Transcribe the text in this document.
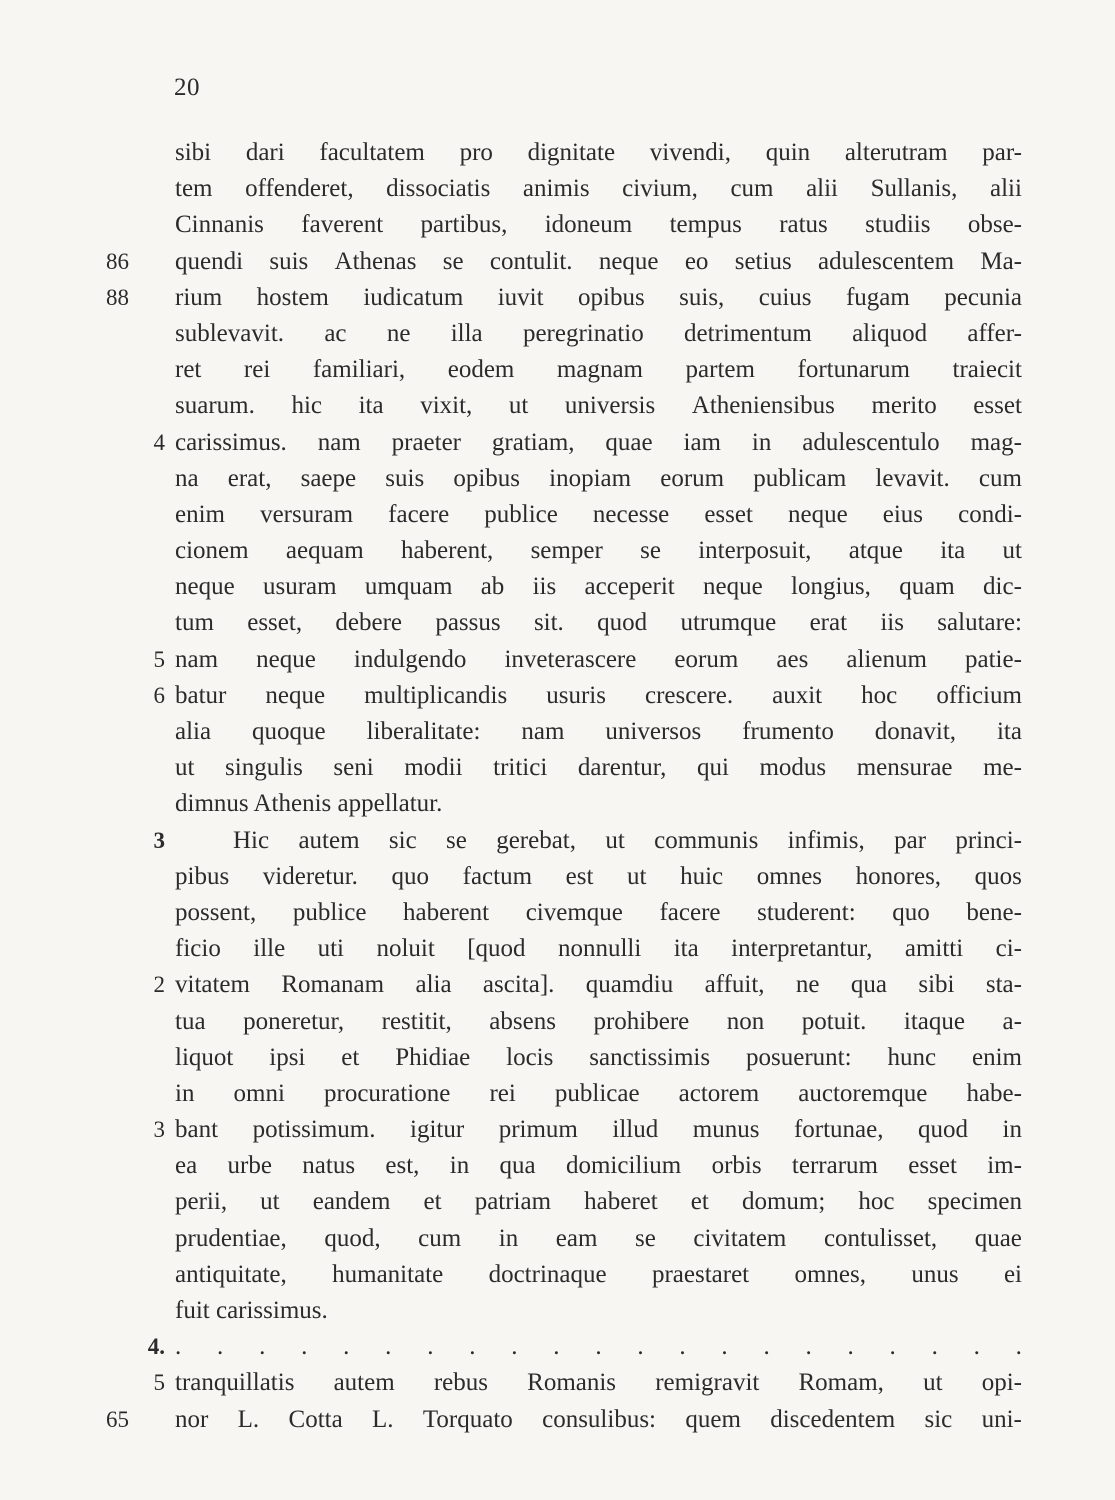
20
sibi dari facultatem pro dignitate vivendi, quin alterutram par-
tem offenderet, dissociatis animis civium, cum alii Sullanis, alii
Cinnanis faverent partibus, idoneum tempus ratus studiis obse-
86 quendi suis Athenas se contulit. neque eo setius adulescentem Ma-
88 rium hostem iudicatum iuvit opibus suis, cuius fugam pecunia
sublevavit. ac ne illa peregrinatio detrimentum aliquod affer-
ret rei familiari, eodem magnam partem fortunarum traiecit
suarum. hic ita vixit, ut universis Atheniensibus merito esset
4 carissimus. nam praeter gratiam, quae iam in adulescentulo mag-
na erat, saepe suis opibus inopiam eorum publicam levavit. cum
enim versuram facere publice necesse esset neque eius condi-
cionem aequam haberent, semper se interposuit, atque ita ut
neque usuram umquam ab iis acceperit neque longius, quam dic-
tum esset, debere passus sit. quod utrumque erat iis salutare:
5 nam neque indulgendo inveterascere eorum aes alienum patie-
6 batur neque multiplicandis usuris crescere. auxit hoc officium
alia quoque liberalitate: nam universos frumento donavit, ita
ut singulis seni modii tritici darentur, qui modus mensurae me-
dimnus Athenis appellatur.
3	Hic autem sic se gerebat, ut communis infimis, par princi-
pibus videretur. quo factum est ut huic omnes honores, quos
possent, publice haberent civemque facere studerent: quo bene-
ficio ille uti noluit [quod nonnulli ita interpretantur, amitti ci-
2 vitatem Romanam alia ascita]. quamdiu affuit, ne qua sibi sta-
tua poneretur, restitit, absens prohibere non potuit. itaque a-
liquot ipsi et Phidiae locis sanctissimis posuerunt: hunc enim
in omni procuratione rei publicae actorem auctoremque habe-
3 bant potissimum. igitur primum illud munus fortunae, quod in
ea urbe natus est, in qua domicilium orbis terrarum esset im-
perii, ut eandem et patriam haberet et domum; hoc specimen
prudentiae, quod, cum in eam se civitatem contulisset, quae
antiquitate, humanitate doctrinaque praestaret omnes, unus ei
fuit carissimus.
4. . . . . . . . . . . . . . . . . . . . . .
5 tranquillatis autem rebus Romanis remigravit Romam, ut opi-
65 nor L. Cotta L. Torquato consulibus: quem discedentem sic uni-
